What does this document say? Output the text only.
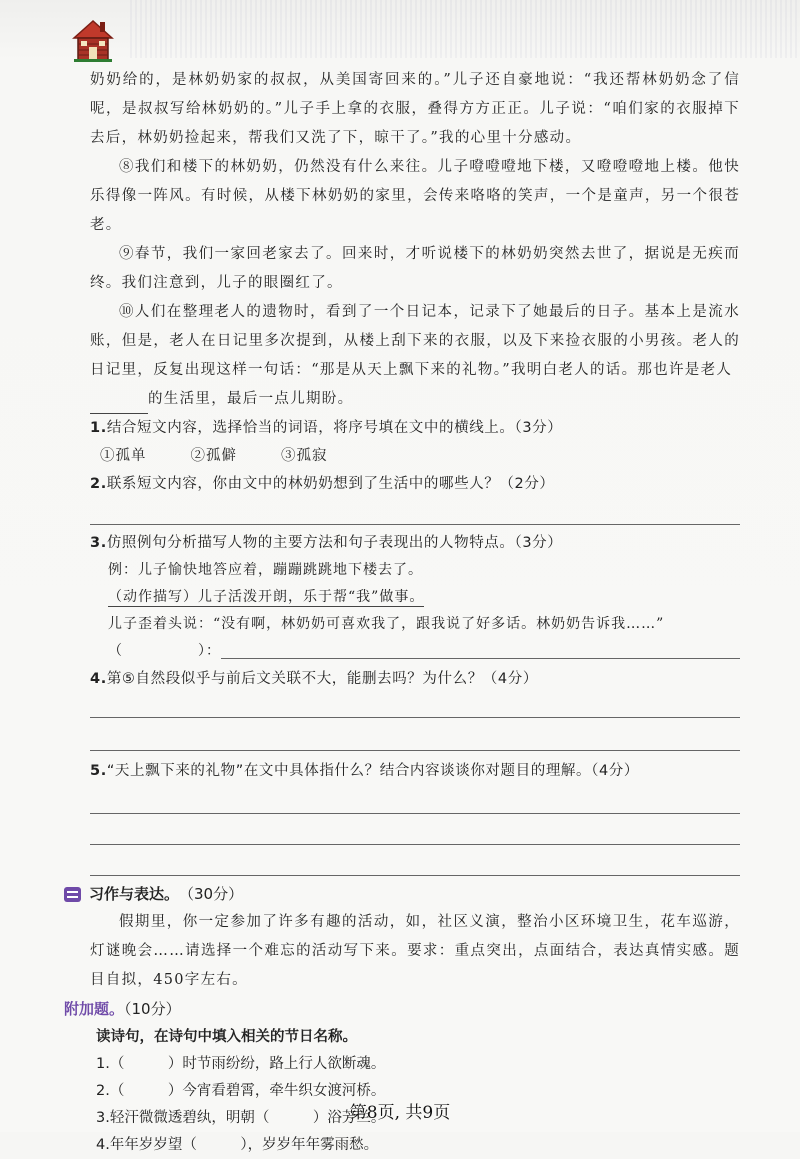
奶奶给的，是林奶奶家的叔叔，从美国寄回来的。”儿子还自豪地说：“我还帮林奶奶念了信呢，是叔叔写给林奶奶的。”儿子手上拿的衣服，叠得方方正正。儿子说：“咱们家的衣服掉下去后，林奶奶捡起来，帮我们又洗了下，晾干了。”我的心里十分感动。

⑧我们和楼下的林奶奶，仍然没有什么来往。儿子噔噔噔地下楼，又噔噔噔地上楼。他快乐得像一阵风。有时候，从楼下林奶奶的家里，会传来咯咯的笑声，一个是童声，另一个很苍老。

⑨春节，我们一家回老家去了。回来时，才听说楼下的林奶奶突然去世了，据说是无疾而终。我们注意到，儿子的眼圈红了。

⑩人们在整理老人的遗物时，看到了一个日记本，记录下了她最后的日子。基本上是流水账，但是，老人在日记里多次提到，从楼上刮下来的衣服，以及下来捡衣服的小男孩。老人的日记里，反复出现这样一句话：“那是从天上飘下来的礼物。”我明白老人的话。那也许是老人
的生活里，最后一点儿期盼。

1.结合短文内容，选择恰当的词语，将序号填在文中的横线上。（3分）

①孤单	②孤僻	③孤寂

2.联系短文内容，你由文中的林奶奶想到了生活中的哪些人？（2分）

3.仿照例句分析描写人物的主要方法和句子表现出的人物特点。（3分）

例：儿子愉快地答应着，蹦蹦跳跳地下楼去了。

（动作描写）儿子活泼开朗，乐于帮“我”做事。

儿子歪着头说：“没有啊，林奶奶可喜欢我了，跟我说了好多话。林奶奶告诉我……”

（　　　　　）：

4.第⑤自然段似乎与前后文关联不大，能删去吗？为什么？（4分）

5.“天上飘下来的礼物”在文中具体指什么？结合内容谈谈你对题目的理解。（4分）

习作与表达。 （30分）

假期里，你一定参加了许多有趣的活动，如，社区义演，整治小区环境卫生，花车巡游，灯谜晚会……请选择一个难忘的活动写下来。要求：重点突出，点面结合，表达真情实感。题目自拟，450字左右。

附加题。（10分）

读诗句，在诗句中填入相关的节日名称。

1.（　　　）时节雨纷纷，路上行人欲断魂。

2.（　　　）今宵看碧霄，牵牛织女渡河桥。

3.轻汗微微透碧纨，明朝（　　　）浴芳兰。

4.年年岁岁望（　　　），岁岁年年雾雨愁。

第8页, 共9页
